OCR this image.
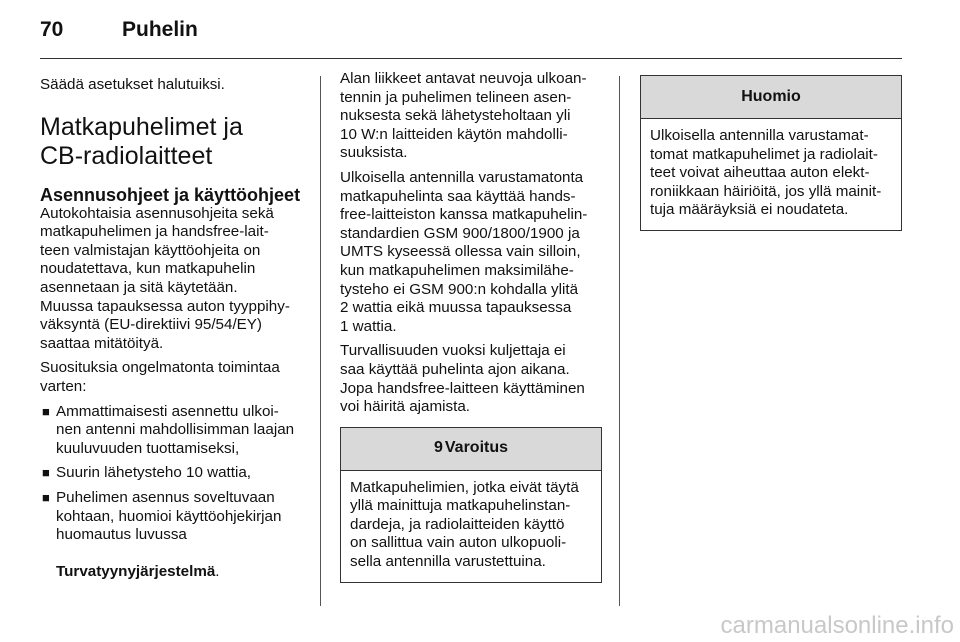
70	Puhelin

Säädä asetukset halutuiksi.

Matkapuhelimet ja
CB-radiolaitteet
Asennusohjeet ja käyttöohjeet

Autokohtaisia asennusohjeita sekä
matkapuhelimen ja handsfree-lait-
teen valmistajan käyttöohjeita on
noudatettava, kun matkapuhelin
asennetaan ja sitä käytetään.
Muussa tapauksessa auton tyyppihy-
väksyntä (EU-direktiivi 95/54/EY)
saattaa mitätöityä.

Suosituksia ongelmatonta toimintaa
varten:

■ Ammattimaisesti asennettu ulkoi-
nen antenni mahdollisimman laajan
kuuluvuuden tuottamiseksi,
■ Suurin lähetysteho 10 wattia,
■ Puhelimen asennus soveltuvaan
kohtaan, huomioi käyttöohjekirjan
huomautus luvussa

Turvatyynyjärjestelmä.

Alan liikkeet antavat neuvoja ulkoan-
tennin ja puhelimen telineen asen-
nuksesta sekä lähetysteholtaan yli
10 W:n laitteiden käytön mahdolli-
suuksista.

Ulkoisella antennilla varustamatonta
matkapuhelinta saa käyttää hands-
free-laitteiston kanssa matkapuhelin-
standardien GSM 900/1800/1900 ja
UMTS kyseessä ollessa vain silloin,
kun matkapuhelimen maksimilähe-
tysteho ei GSM 900:n kohdalla ylitä
2 wattia eikä muussa tapauksessa
1 wattia.

Turvallisuuden vuoksi kuljettaja ei
saa käyttää puhelinta ajon aikana.
Jopa handsfree-laitteen käyttäminen
voi häiritä ajamista.

9 Varoitus
Matkapuhelimien, jotka eivät täytä
yllä mainittuja matkapuhelinstan-
dardeja, ja radiolaitteiden käyttö
on sallittua vain auton ulkopuoli-
sella antennilla varustettuina.
Huomio
Ulkoisella antennilla varustamat-
tomat matkapuhelimet ja radiolait-
teet voivat aiheuttaa auton elekt-
roniikkaan häiriöitä, jos yllä mainit-
tuja määräyksiä ei noudateta.
carmanualsonline.info
